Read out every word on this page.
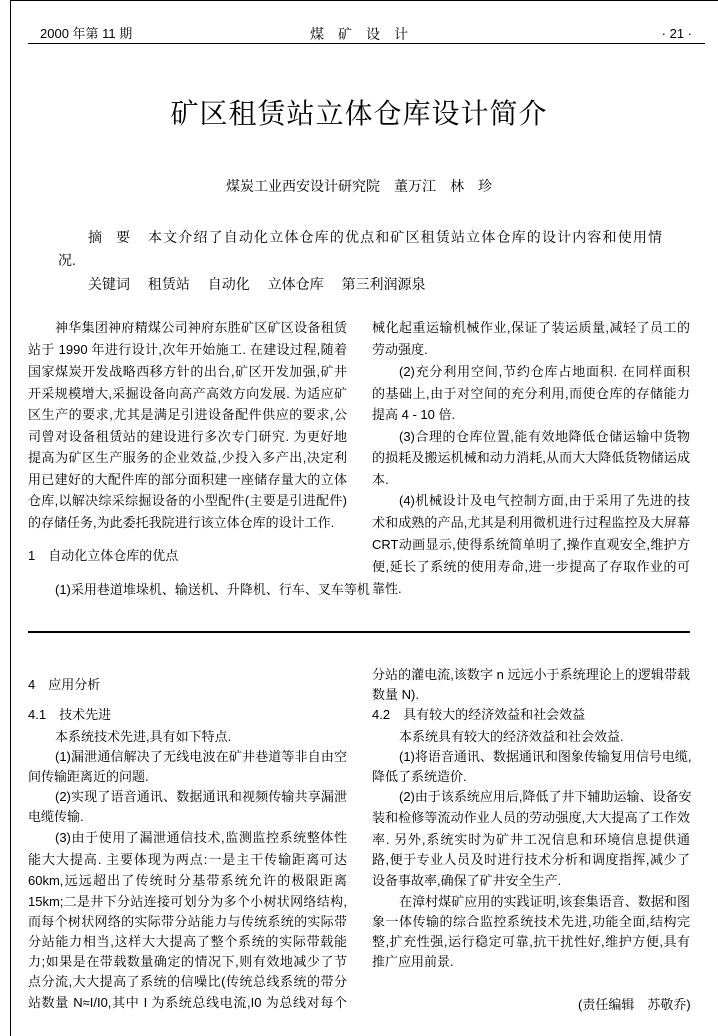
2000 年第 11 期	煤　矿　设　计	· 21 ·
矿区租赁站立体仓库设计简介
煤炭工业西安设计研究院　董万江　林　珍
摘　要 本文介绍了自动化立体仓库的优点和矿区租赁站立体仓库的设计内容和使用情
况.
关键词 租赁站 自动化 立体仓库 第三利润源泉
神华集团神府精煤公司神府东胜矿区矿区设备租赁
站于 1990 年进行设计,次年开始施工. 在建设过程,随着
国家煤炭开发战略西移方针的出台,矿区开发加强,矿井
开采规模增大,采掘设备向高产高效方向发展. 为适应矿
区生产的要求,尤其是满足引进设备配件供应的要求,公
司曾对设备租赁站的建设进行多次专门研究. 为更好地
提高为矿区生产服务的企业效益,少投入多产出,决定利
用已建好的大配件库的部分面积建一座储存量大的立体
仓库,以解决综采综掘设备的小型配件(主要是引进配件)
的存储任务,为此委托我院进行该立体仓库的设计工作.
1　自动化立体仓库的优点
(1)采用巷道堆垛机、输送机、升降机、行车、叉车等机
械化起重运输机械作业,保证了装运质量,减轻了员工的
劳动强度.
(2)充分利用空间,节约仓库占地面积. 在同样面积
的基础上,由于对空间的充分利用,而使仓库的存储能力
提高 4 - 10 倍.
(3)合理的仓库位置,能有效地降低仓储运输中货物
的损耗及搬运机械和动力消耗,从而大大降低货物储运成
本.
(4)机械设计及电气控制方面,由于采用了先进的技
术和成熟的产品,尤其是利用微机进行过程监控及大屏幕
CRT动画显示,使得系统简单明了,操作直观安全,维护方
便,延长了系统的使用寿命,进一步提高了存取作业的可
靠性.
4　应用分析
4.1　技术先进
本系统技术先进,具有如下特点.
(1)漏泄通信解决了无线电波在矿井巷道等非自由空
间传输距离近的问题.
(2)实现了语音通讯、数据通讯和视频传输共享漏泄
电缆传输.
(3)由于使用了漏泄通信技术,监测监控系统整体性
能大大提高. 主要体现为两点:一是主干传输距离可达
60km,远远超出了传统时分基带系统允许的极限距离
15km;二是井下分站连接可划分为多个小树状网络结构,
而每个树状网络的实际带分站能力与传统系统的实际带
分站能力相当,这样大大提高了整个系统的实际带载能
力;如果是在带载数量确定的情况下,则有效地减少了节
点分流,大大提高了系统的信噪比(传统总线系统的带分
站数量 N≈I/I0,其中 I 为系统总线电流,I0 为总线对每个
分站的灌电流,该数字 n 远远小于系统理论上的逻辑带载
数量 N).
4.2　具有较大的经济效益和社会效益
本系统具有较大的经济效益和社会效益.
(1)将语音通讯、数据通讯和图象传输复用信号电缆,
降低了系统造价.
(2)由于该系统应用后,降低了井下辅助运输、设备安
装和检修等流动作业人员的劳动强度,大大提高了工作效
率. 另外,系统实时为矿井工况信息和环境信息提供通
路,便于专业人员及时进行技术分析和调度指挥,减少了
设备事故率,确保了矿井安全生产.
在漳村煤矿应用的实践证明,该套集语音、数据和图
象一体传输的综合监控系统技术先进,功能全面,结构完
整,扩充性强,运行稳定可靠,抗干扰性好,维护方便,具有
推广应用前景.
(责任编辑　苏敬乔)
